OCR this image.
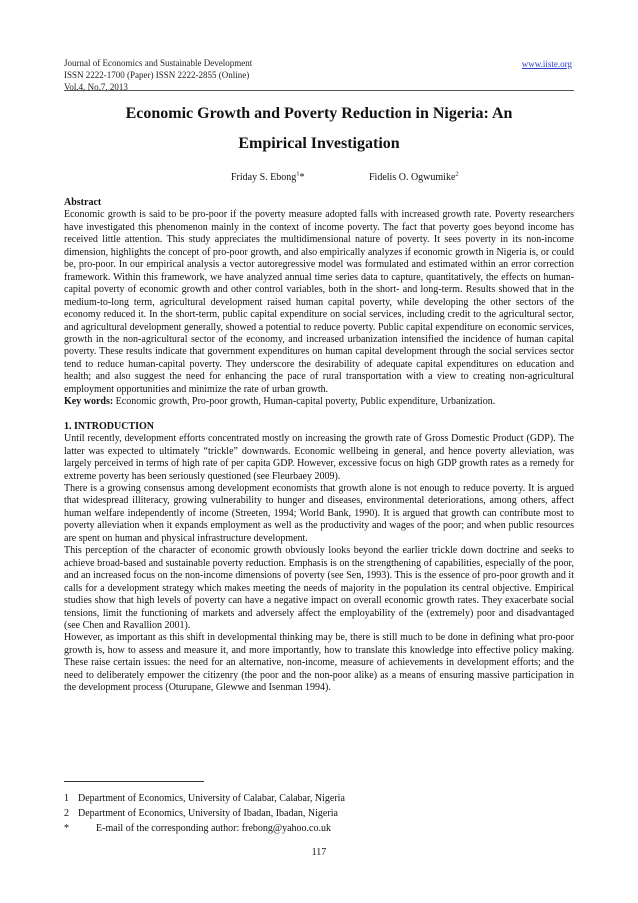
Journal of Economics and Sustainable Development
ISSN 2222-1700 (Paper) ISSN 2222-2855 (Online)
Vol.4, No.7, 2013
www.iiste.org
Economic Growth and Poverty Reduction in Nigeria: An
Empirical Investigation
Friday S. Ebong$^1$*	Fidelis O. Ogwumike$^2$

Abstract

Economic growth is said to be pro-poor if the poverty measure adopted falls with increased growth rate. Poverty researchers have investigated this phenomenon mainly in the context of income poverty. The fact that poverty goes beyond income has received little attention. This study appreciates the multidimensional nature of poverty. It sees poverty in its non-income dimension, highlights the concept of pro-poor growth, and also empirically analyzes if economic growth in Nigeria is, or could be, pro-poor. In our empirical analysis a vector autoregressive model was formulated and estimated within an error correction framework. Within this framework, we have analyzed annual time series data to capture, quantitatively, the effects on human-capital poverty of economic growth and other control variables, both in the short- and long-term. Results showed that in the medium-to-long term, agricultural development raised human capital poverty, while developing the other sectors of the economy reduced it. In the short-term, public capital expenditure on social services, including credit to the agricultural sector, and agricultural development generally, showed a potential to reduce poverty. Public capital expenditure on economic services, growth in the non-agricultural sector of the economy, and increased urbanization intensified the incidence of human capital poverty. These results indicate that government expenditures on human capital development through the social services sector tend to reduce human-capital poverty. They underscore the desirability of adequate capital expenditures on education and health; and also suggest the need for enhancing the pace of rural transportation with a view to creating non-agricultural employment opportunities and minimize the rate of urban growth.

Key words: Economic growth, Pro-poor growth, Human-capital poverty, Public expenditure, Urbanization.

1. INTRODUCTION

Until recently, development efforts concentrated mostly on increasing the growth rate of Gross Domestic Product (GDP). The latter was expected to ultimately “trickle” downwards. Economic wellbeing in general, and hence poverty alleviation, was largely perceived in terms of high rate of per capita GDP. However, excessive focus on high GDP growth rates as a remedy for extreme poverty has been seriously questioned (see Fleurbaey 2009).

There is a growing consensus among development economists that growth alone is not enough to reduce poverty. It is argued that widespread illiteracy, growing vulnerability to hunger and diseases, environmental deteriorations, among others, affect human welfare independently of income (Streeten, 1994; World Bank, 1990). It is argued that growth can contribute most to poverty alleviation when it expands employment as well as the productivity and wages of the poor; and when public resources are spent on human and physical infrastructure development.

This perception of the character of economic growth obviously looks beyond the earlier trickle down doctrine and seeks to achieve broad-based and sustainable poverty reduction. Emphasis is on the strengthening of capabilities, especially of the poor, and an increased focus on the non-income dimensions of poverty (see Sen, 1993). This is the essence of pro-poor growth and it calls for a development strategy which makes meeting the needs of majority in the population its central objective. Empirical studies show that high levels of poverty can have a negative impact on overall economic growth rates. They exacerbate social tensions, limit the functioning of markets and adversely affect the employability of the (extremely) poor and disadvantaged (see Chen and Ravallion 2001).

However, as important as this shift in developmental thinking may be, there is still much to be done in defining what pro-poor growth is, how to assess and measure it, and more importantly, how to translate this knowledge into effective policy making. These raise certain issues: the need for an alternative, non-income, measure of achievements in development efforts; and the need to deliberately empower the citizenry (the poor and the non-poor alike) as a means of ensuring massive participation in the development process (Oturupane, Glewwe and Isenman 1994).

1 Department of Economics, University of Calabar, Calabar, Nigeria
2 Department of Economics, University of Ibadan, Ibadan, Nigeria
*	E-mail of the corresponding author: frebong@yahoo.co.uk
117
